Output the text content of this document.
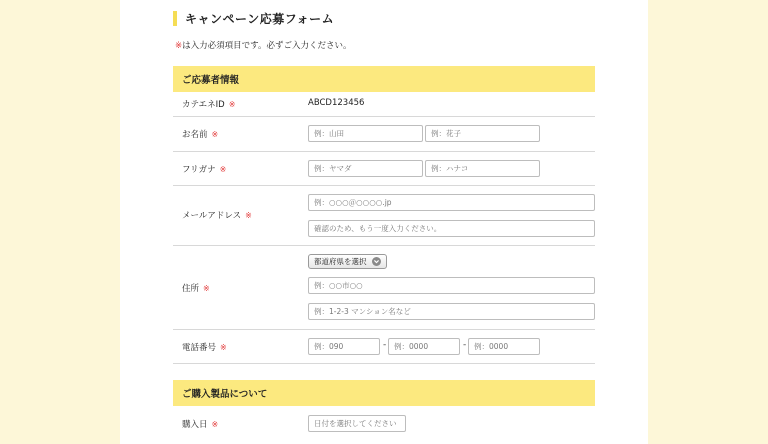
キャンペーン応募フォーム
※は入力必須項目です。必ずご入力ください。
ご応募者情報
カテエネID ※	ABCD123456
お名前 ※
例：山田
例：花子
フリガナ ※
例：ヤマダ
例：ハナコ
メールアドレス ※
例：○○○＠○○○○.jp
確認のため、もう一度入力ください。
住所 ※
都道府県を選択
例：○○市○○
例：1-2-3 マンション名など
電話番号 ※
例：090	-
例：0000	-
例：0000
ご購入製品について
購入日 ※
日付を選択してください
